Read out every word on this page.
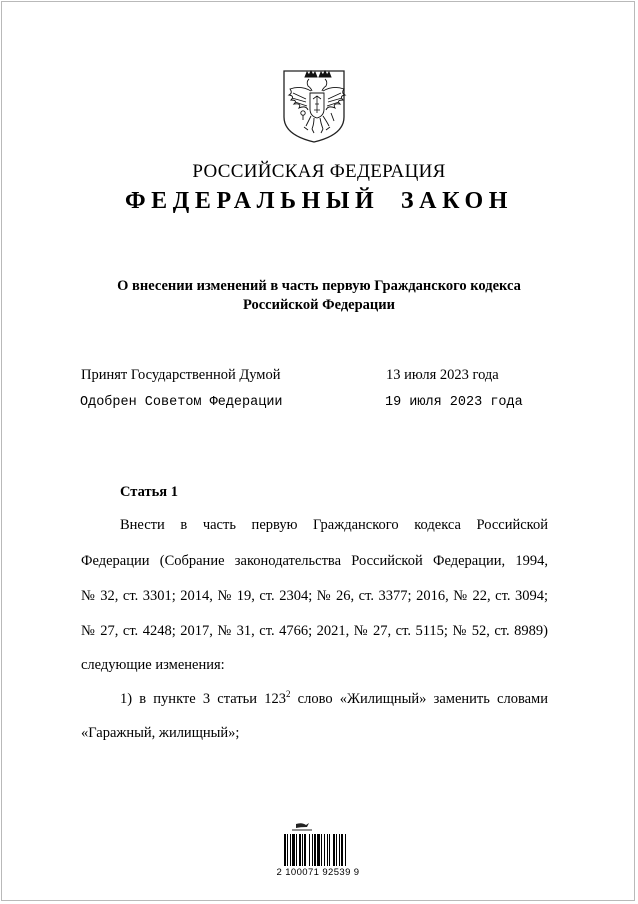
РОССИЙСКАЯ ФЕДЕРАЦИЯ
ФЕДЕРАЛЬНЫЙ ЗАКОН
О внесении изменений в часть первую Гражданского кодекса
Российской Федерации
Принят Государственной Думой	13 июля 2023 года
Одобрен Советом Федерации	19 июля 2023 года
Статья 1
Внести в часть первую Гражданского кодекса Российской
Федерации (Собрание законодательства Российской Федерации, 1994,
№ 32, ст. 3301; 2014, № 19, ст. 2304; № 26, ст. 3377; 2016, № 22, ст. 3094;
№ 27, ст. 4248; 2017, № 31, ст. 4766; 2021, № 27, ст. 5115; № 52, ст. 8989)
следующие изменения:
1) в пункте 3 статьи $123^2$ слово «Жилищный» заменить словами
«Гаражный, жилищный»;
2 100071 92539 9
